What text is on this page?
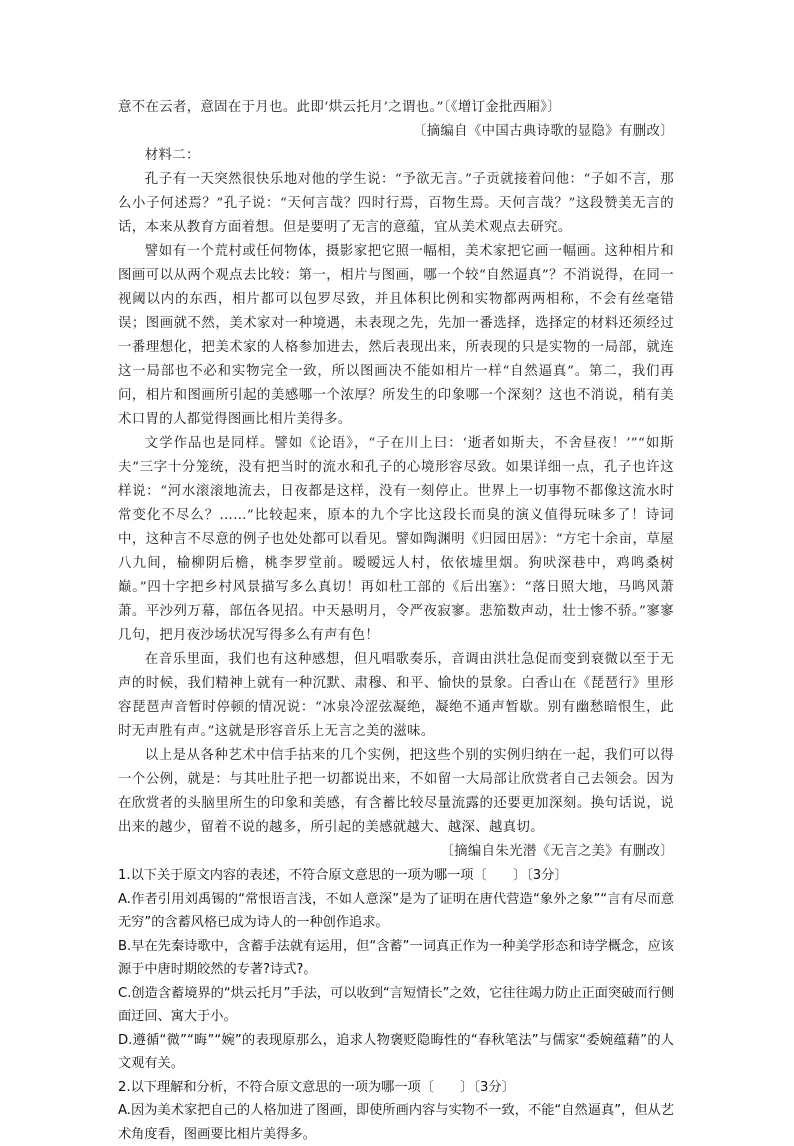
意不在云者，意固在于月也。此即‘烘云托月’之谓也。”〔《增订金批西厢》〕

〔摘编自《中国古典诗歌的显隐》有删改〕

材料二：

孔子有一天突然很快乐地对他的学生说：“予欲无言。”子贡就接着问他：“子如不言，那么小子何述焉？”孔子说：“天何言哉？四时行焉，百物生焉。天何言哉？”这段赞美无言的话，本来从教育方面着想。但是要明了无言的意蕴，宜从美术观点去研究。

譬如有一个荒村或任何物体，摄影家把它照一幅相，美术家把它画一幅画。这种相片和图画可以从两个观点去比较：第一，相片与图画，哪一个较“自然逼真”？不消说得，在同一视阈以内的东西，相片都可以包罗尽致，并且体积比例和实物都两两相称，不会有丝毫错误；图画就不然，美术家对一种境遇，未表现之先，先加一番选择，选择定的材料还须经过一番理想化，把美术家的人格参加进去，然后表现出来，所表现的只是实物的一局部，就连这一局部也不必和实物完全一致，所以图画决不能如相片一样“自然逼真”。第二，我们再问，相片和图画所引起的美感哪一个浓厚？所发生的印象哪一个深刻？这也不消说，稍有美术口胃的人都觉得图画比相片美得多。

文学作品也是同样。譬如《论语》，“子在川上曰：‘逝者如斯夫，不舍昼夜！’”“如斯夫”三字十分笼统，没有把当时的流水和孔子的心境形容尽致。如果详细一点，孔子也许这样说：“河水滚滚地流去，日夜都是这样，没有一刻停止。世界上一切事物不都像这流水时常变化不尽么？……”比较起来，原本的九个字比这段长而臭的演义值得玩味多了！诗词中，这种言不尽意的例子也处处都可以看见。譬如陶渊明《归园田居》：“方宅十余亩，草屋八九间，榆柳阴后檐，桃李罗堂前。暧暧远人村，依依墟里烟。狗吠深巷中，鸡鸣桑树巅。”四十字把乡村风景描写多么真切！再如杜工部的《后出塞》：“落日照大地，马鸣风萧萧。平沙列万幕，部伍各见招。中天悬明月，令严夜寂寥。悲笳数声动，壮士惨不骄。”寥寥几句，把月夜沙场状况写得多么有声有色！

在音乐里面，我们也有这种感想，但凡唱歌奏乐，音调由洪壮急促而变到衰微以至于无声的时候，我们精神上就有一种沉默、肃穆、和平、愉快的景象。白香山在《琵琶行》里形容琵琶声音暂时停顿的情况说：“冰泉冷涩弦凝绝，凝绝不通声暂歇。别有幽愁暗恨生，此时无声胜有声。”这就是形容音乐上无言之美的滋味。

以上是从各种艺术中信手拈来的几个实例，把这些个别的实例归纳在一起，我们可以得一个公例，就是：与其吐肚子把一切都说出来，不如留一大局部让欣赏者自己去领会。因为在欣赏者的头脑里所生的印象和美感，有含蓄比较尽量流露的还要更加深刻。换句话说，说出来的越少，留着不说的越多，所引起的美感就越大、越深、越真切。

〔摘编自朱光潜《无言之美》有删改〕

1.以下关于原文内容的表述，不符合原文意思的一项为哪一项〔　　〕〔3分〕

A.作者引用刘禹锡的“常恨语言浅，不如人意深”是为了证明在唐代营造“象外之象”“言有尽而意无穷”的含蓄风格已成为诗人的一种创作追求。

B.早在先秦诗歌中，含蓄手法就有运用，但“含蓄”一词真正作为一种美学形态和诗学概念，应该源于中唐时期皎然的专著?诗式?。

C.创造含蓄境界的“烘云托月”手法，可以收到“言短情长”之效，它往往竭力防止正面突破而行侧面迂回、寓大于小。

D.遵循“微”“晦”“婉”的表现原那么，追求人物褒贬隐晦性的“春秋笔法”与儒家“委婉蕴藉”的人文观有关。

2.以下理解和分析，不符合原文意思的一项为哪一项〔　　〕〔3分〕

A.因为美术家把自己的人格加进了图画，即使所画内容与实物不一致，不能“自然逼真”，但从艺术角度看，图画要比相片美得多。
